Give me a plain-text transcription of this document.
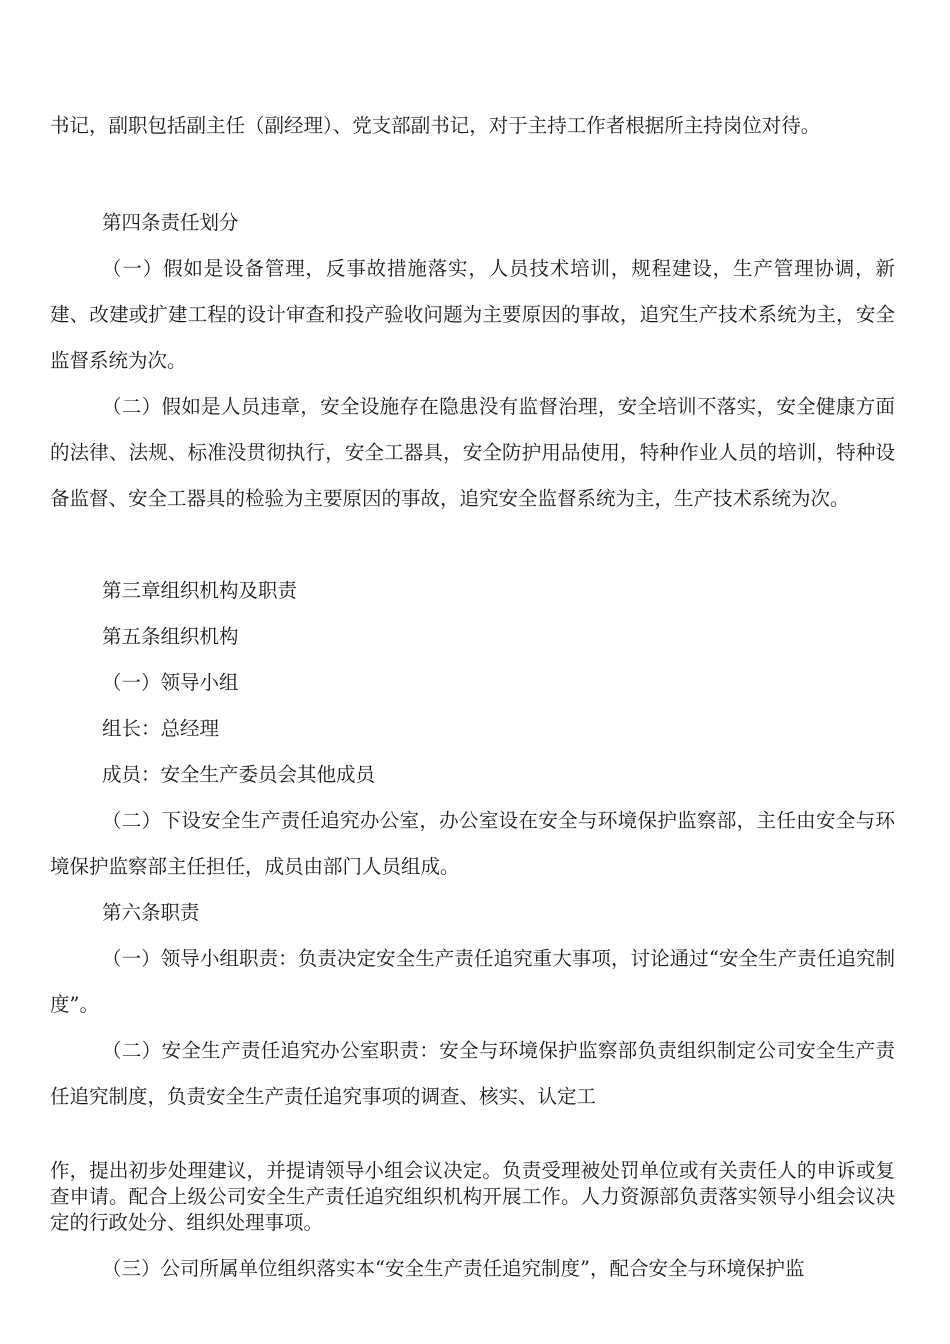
书记，副职包括副主任（副经理）、党支部副书记，对于主持工作者根据所主持岗位对待。

第四条责任划分

（一）假如是设备管理，反事故措施落实，人员技术培训，规程建设，生产管理协调，新建、改建或扩建工程的设计审查和投产验收问题为主要原因的事故，追究生产技术系统为主，安全监督系统为次。

（二）假如是人员违章，安全设施存在隐患没有监督治理，安全培训不落实，安全健康方面的法律、法规、标准没贯彻执行，安全工器具，安全防护用品使用，特种作业人员的培训，特种设备监督、安全工器具的检验为主要原因的事故，追究安全监督系统为主，生产技术系统为次。

第三章组织机构及职责

第五条组织机构

（一）领导小组

组长：总经理

成员：安全生产委员会其他成员

（二）下设安全生产责任追究办公室，办公室设在安全与环境保护监察部，主任由安全与环境保护监察部主任担任，成员由部门人员组成。

第六条职责

（一）领导小组职责：负责决定安全生产责任追究重大事项，讨论通过“安全生产责任追究制度”。

（二）安全生产责任追究办公室职责：安全与环境保护监察部负责组织制定公司安全生产责任追究制度，负责安全生产责任追究事项的调查、核实、认定工

作，提出初步处理建议，并提请领导小组会议决定。负责受理被处罚单位或有关责任人的申诉或复查申请。配合上级公司安全生产责任追究组织机构开展工作。人力资源部负责落实领导小组会议决定的行政处分、组织处理事项。

（三）公司所属单位组织落实本“安全生产责任追究制度”，配合安全与环境保护监
